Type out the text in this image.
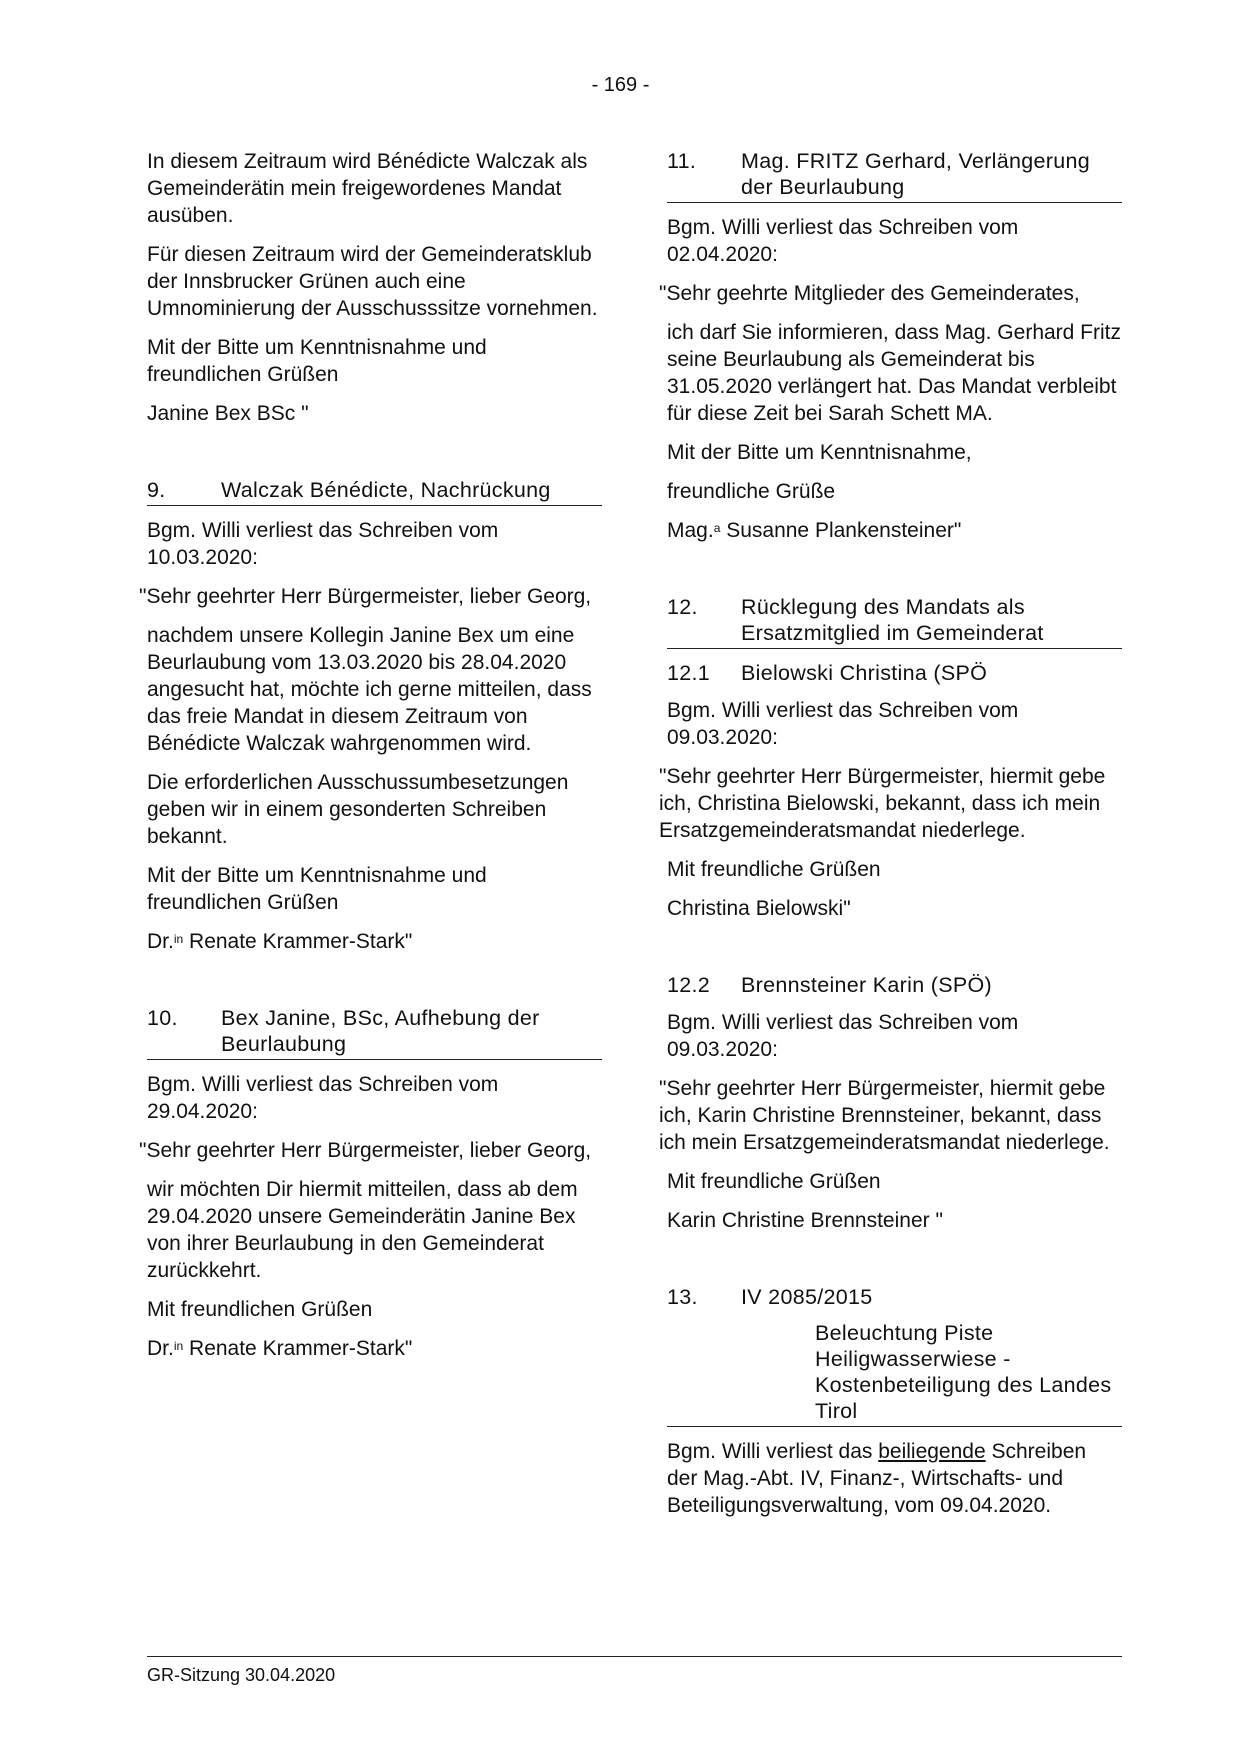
- 169 -

In diesem Zeitraum wird Bénédicte Walczak als Gemeinderätin mein freigewordenes Mandat ausüben.

Für diesen Zeitraum wird der Gemeinderatsklub der Innsbrucker Grünen auch eine Umnominierung der Ausschusssitze vornehmen.

Mit der Bitte um Kenntnisnahme und freundlichen Grüßen

Janine Bex BSc "

9.	Walczak Bénédicte, Nachrückung

Bgm. Willi verliest das Schreiben vom 10.03.2020:

"Sehr geehrter Herr Bürgermeister, lieber Georg,

nachdem unsere Kollegin Janine Bex um eine Beurlaubung vom 13.03.2020 bis 28.04.2020 angesucht hat, möchte ich gerne mitteilen, dass das freie Mandat in diesem Zeitraum von Bénédicte Walczak wahrgenommen wird.

Die erforderlichen Ausschussumbesetzungen geben wir in einem gesonderten Schreiben bekannt.

Mit der Bitte um Kenntnisnahme und freundlichen Grüßen

Dr.$^{in}$ Renate Krammer-Stark"

10.	Bex Janine, BSc, Aufhebung der Beurlaubung

Bgm. Willi verliest das Schreiben vom 29.04.2020:

"Sehr geehrter Herr Bürgermeister, lieber Georg,

wir möchten Dir hiermit mitteilen, dass ab dem 29.04.2020 unsere Gemeinderätin Janine Bex von ihrer Beurlaubung in den Gemeinderat zurückkehrt.

Mit freundlichen Grüßen

Dr.$^{in}$ Renate Krammer-Stark"

11.	Mag. FRITZ Gerhard, Verlängerung der Beurlaubung

Bgm. Willi verliest das Schreiben vom 02.04.2020:

"Sehr geehrte Mitglieder des Gemeinderates,

ich darf Sie informieren, dass Mag. Gerhard Fritz seine Beurlaubung als Gemeinderat bis 31.05.2020 verlängert hat. Das Mandat verbleibt für diese Zeit bei Sarah Schett MA.

Mit der Bitte um Kenntnisnahme,

freundliche Grüße

Mag.$^a$ Susanne Plankensteiner"

12.	Rücklegung des Mandats als Ersatzmitglied im Gemeinderat
12.1	Bielowski Christina (SPÖ

Bgm. Willi verliest das Schreiben vom 09.03.2020:

"Sehr geehrter Herr Bürgermeister, hiermit gebe ich, Christina Bielowski, bekannt, dass ich mein Ersatzgemeinderatsmandat niederlege.

Mit freundliche Grüßen

Christina Bielowski"

12.2	Brennsteiner Karin (SPÖ)

Bgm. Willi verliest das Schreiben vom 09.03.2020:

"Sehr geehrter Herr Bürgermeister, hiermit gebe ich, Karin Christine Brennsteiner, bekannt, dass ich mein Ersatzgemeinderatsmandat niederlege.

Mit freundliche Grüßen

Karin Christine Brennsteiner "

13.	IV 2085/2015
Beleuchtung Piste Heiligwasserwiese - Kostenbeteiligung des Landes Tirol

Bgm. Willi verliest das beiliegende Schreiben der Mag.-Abt. IV, Finanz-, Wirtschafts- und Beteiligungsverwaltung, vom 09.04.2020.

GR-Sitzung 30.04.2020
